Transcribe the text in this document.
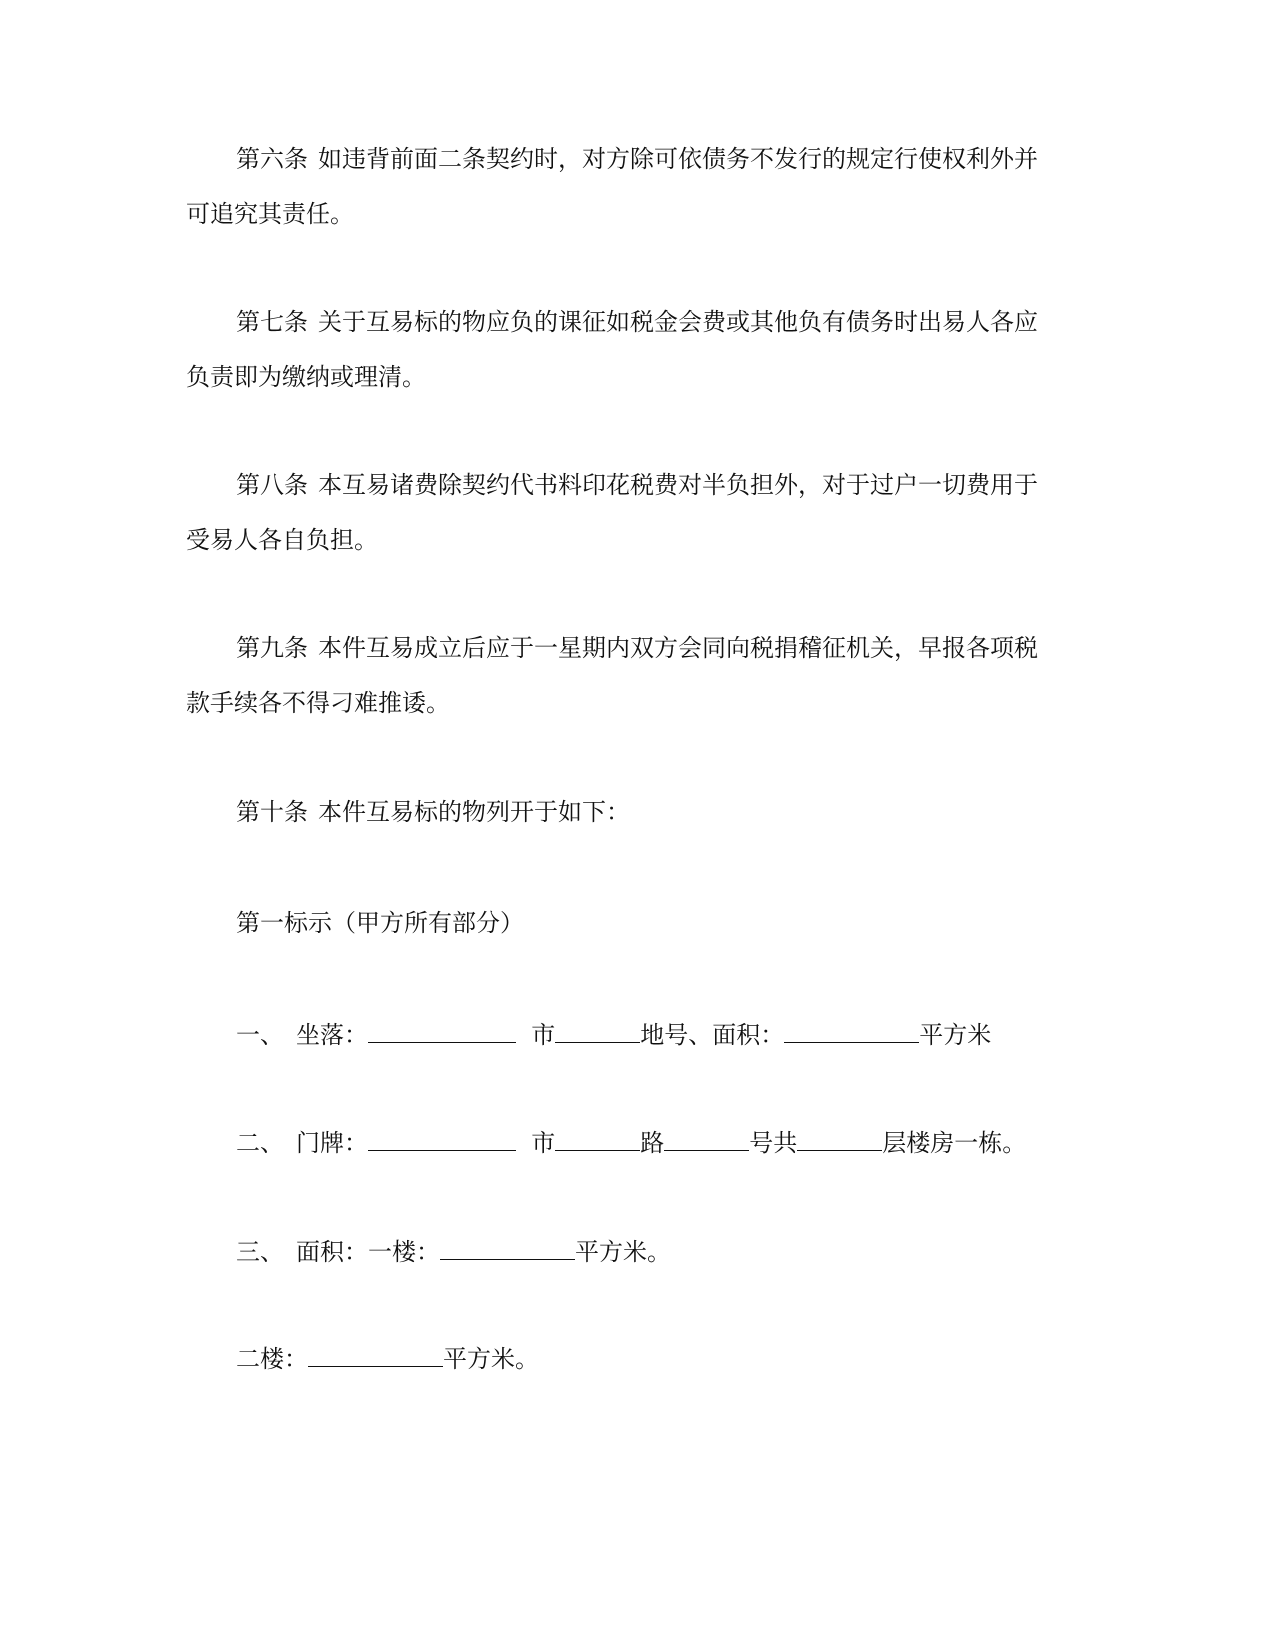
第六条 如违背前面二条契约时，对方除可依债务不发行的规定行使权利外并
可追究其责任。
第七条 关于互易标的物应负的课征如税金会费或其他负有债务时出易人各应
负责即为缴纳或理清。
第八条 本互易诸费除契约代书料印花税费对半负担外，对于过户一切费用于
受易人各自负担。
第九条 本件互易成立后应于一星期内双方会同向税捐稽征机关，早报各项税
款手续各不得刁难推诿。
第十条 本件互易标的物列开于如下：
第一标示（甲方所有部分）
一、 坐落：	市	地号、面积：	平方米
二、 门牌：	市	路	号共	层楼房一栋。
三、 面积：一楼：	平方米。
二楼：	平方米。
